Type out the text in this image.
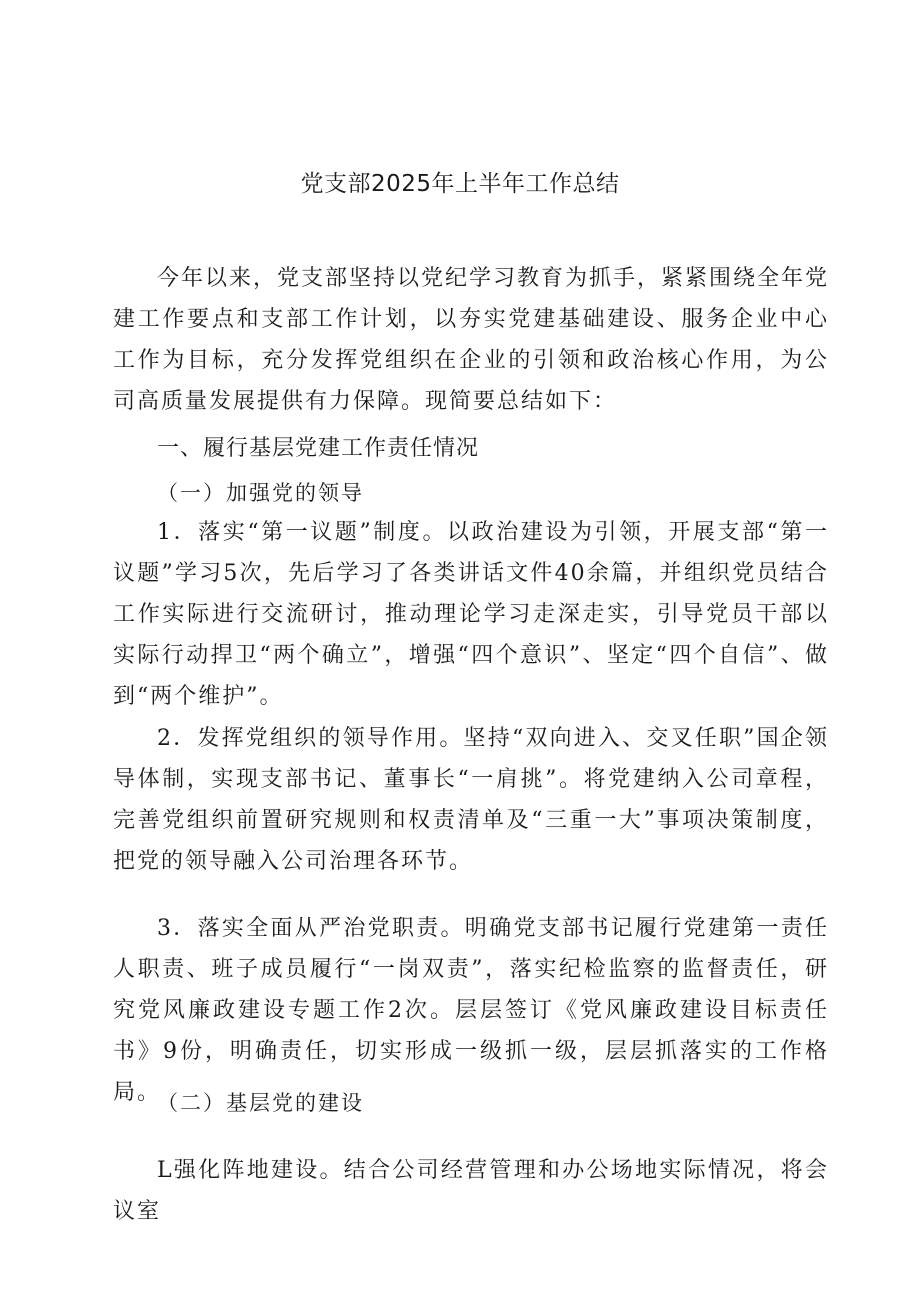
党支部2025年上半年工作总结

今年以来，党支部坚持以党纪学习教育为抓手，紧紧围绕全年党建工作要点和支部工作计划，以夯实党建基础建设、服务企业中心工作为目标，充分发挥党组织在企业的引领和政治核心作用，为公司高质量发展提供有力保障。现简要总结如下：

一、履行基层党建工作责任情况
（一）加强党的领导

1．落实“第一议题”制度。以政治建设为引领，开展支部“第一议题”学习5次，先后学习了各类讲话文件40余篇，并组织党员结合工作实际进行交流研讨，推动理论学习走深走实，引导党员干部以实际行动捍卫“两个确立”，增强“四个意识”、坚定“四个自信”、做到“两个维护”。

2．发挥党组织的领导作用。坚持“双向进入、交叉任职”国企领导体制，实现支部书记、董事长“一肩挑”。将党建纳入公司章程，完善党组织前置研究规则和权责清单及“三重一大”事项决策制度，把党的领导融入公司治理各环节。

3．落实全面从严治党职责。明确党支部书记履行党建第一责任人职责、班子成员履行“一岗双责”，落实纪检监察的监督责任，研究党风廉政建设专题工作2次。层层签订《党风廉政建设目标责任书》9份，明确责任，切实形成一级抓一级，层层抓落实的工作格局。

（二）基层党的建设

L强化阵地建设。结合公司经营管理和办公场地实际情况，将会议室
